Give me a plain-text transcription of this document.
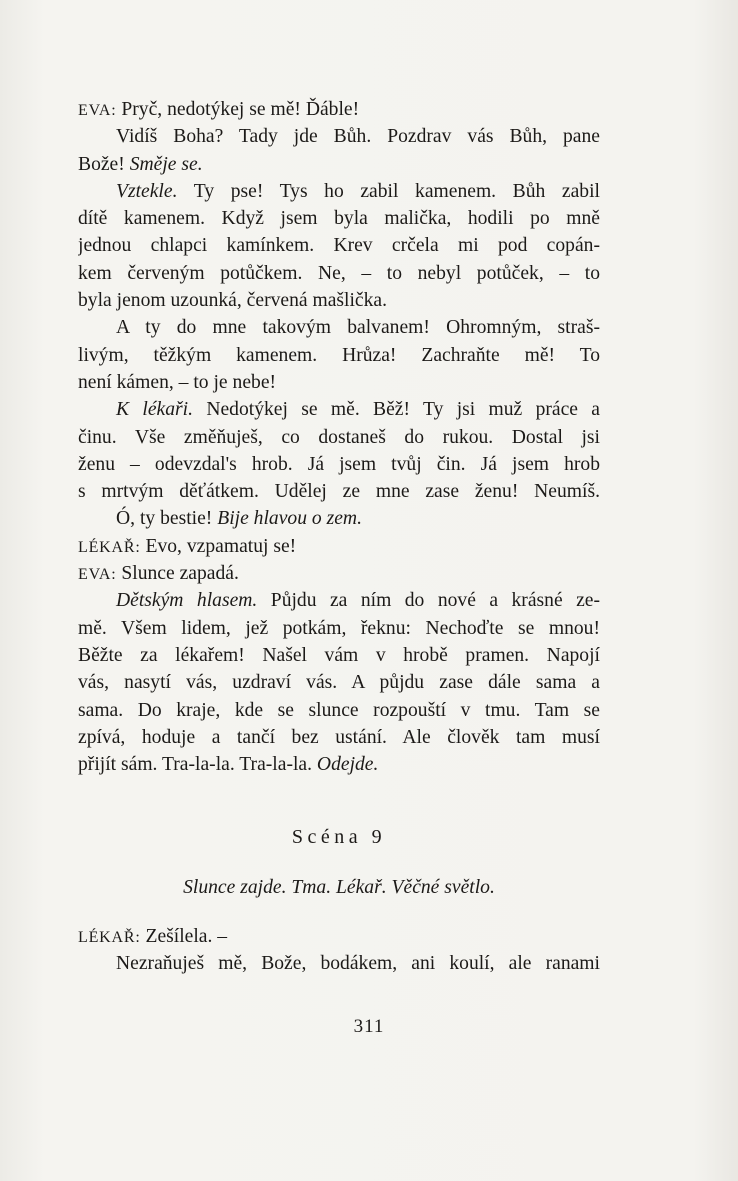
EVA: Pryč, nedotýkej se mě! Ďáble!
Vidíš Boha? Tady jde Bůh. Pozdrav vás Bůh, pane
Bože! Směje se.
Vztekle. Ty pse! Tys ho zabil kamenem. Bůh zabil
dítě kamenem. Když jsem byla malička, hodili po mně
jednou chlapci kamínkem. Krev crčela mi pod copán-
kem červeným potůčkem. Ne, – to nebyl potůček, – to
byla jenom uzounká, červená mašlička.
A ty do mne takovým balvanem! Ohromným, straš-
livým, těžkým kamenem. Hrůza! Zachraňte mě! To
není kámen, – to je nebe!
K lékaři. Nedotýkej se mě. Běž! Ty jsi muž práce a
činu. Vše změňuješ, co dostaneš do rukou. Dostal jsi
ženu – odevzdal's hrob. Já jsem tvůj čin. Já jsem hrob
s mrtvým děťátkem. Udělej ze mne zase ženu! Neumíš.
Ó, ty bestie! Bije hlavou o zem.
LÉKAŘ: Evo, vzpamatuj se!
EVA: Slunce zapadá.
Dětským hlasem. Půjdu za ním do nové a krásné ze-
mě. Všem lidem, jež potkám, řeknu: Nechoďte se mnou!
Běžte za lékařem! Našel vám v hrobě pramen. Napojí
vás, nasytí vás, uzdraví vás. A půjdu zase dále sama a
sama. Do kraje, kde se slunce rozpouští v tmu. Tam se
zpívá, hoduje a tančí bez ustání. Ale člověk tam musí
přijít sám. Tra-la-la. Tra-la-la. Odejde.
Scéna 9
Slunce zajde. Tma. Lékař. Věčné světlo.
LÉKAŘ: Zešílela. –
Nezraňuješ mě, Bože, bodákem, ani koulí, ale ranami
311
